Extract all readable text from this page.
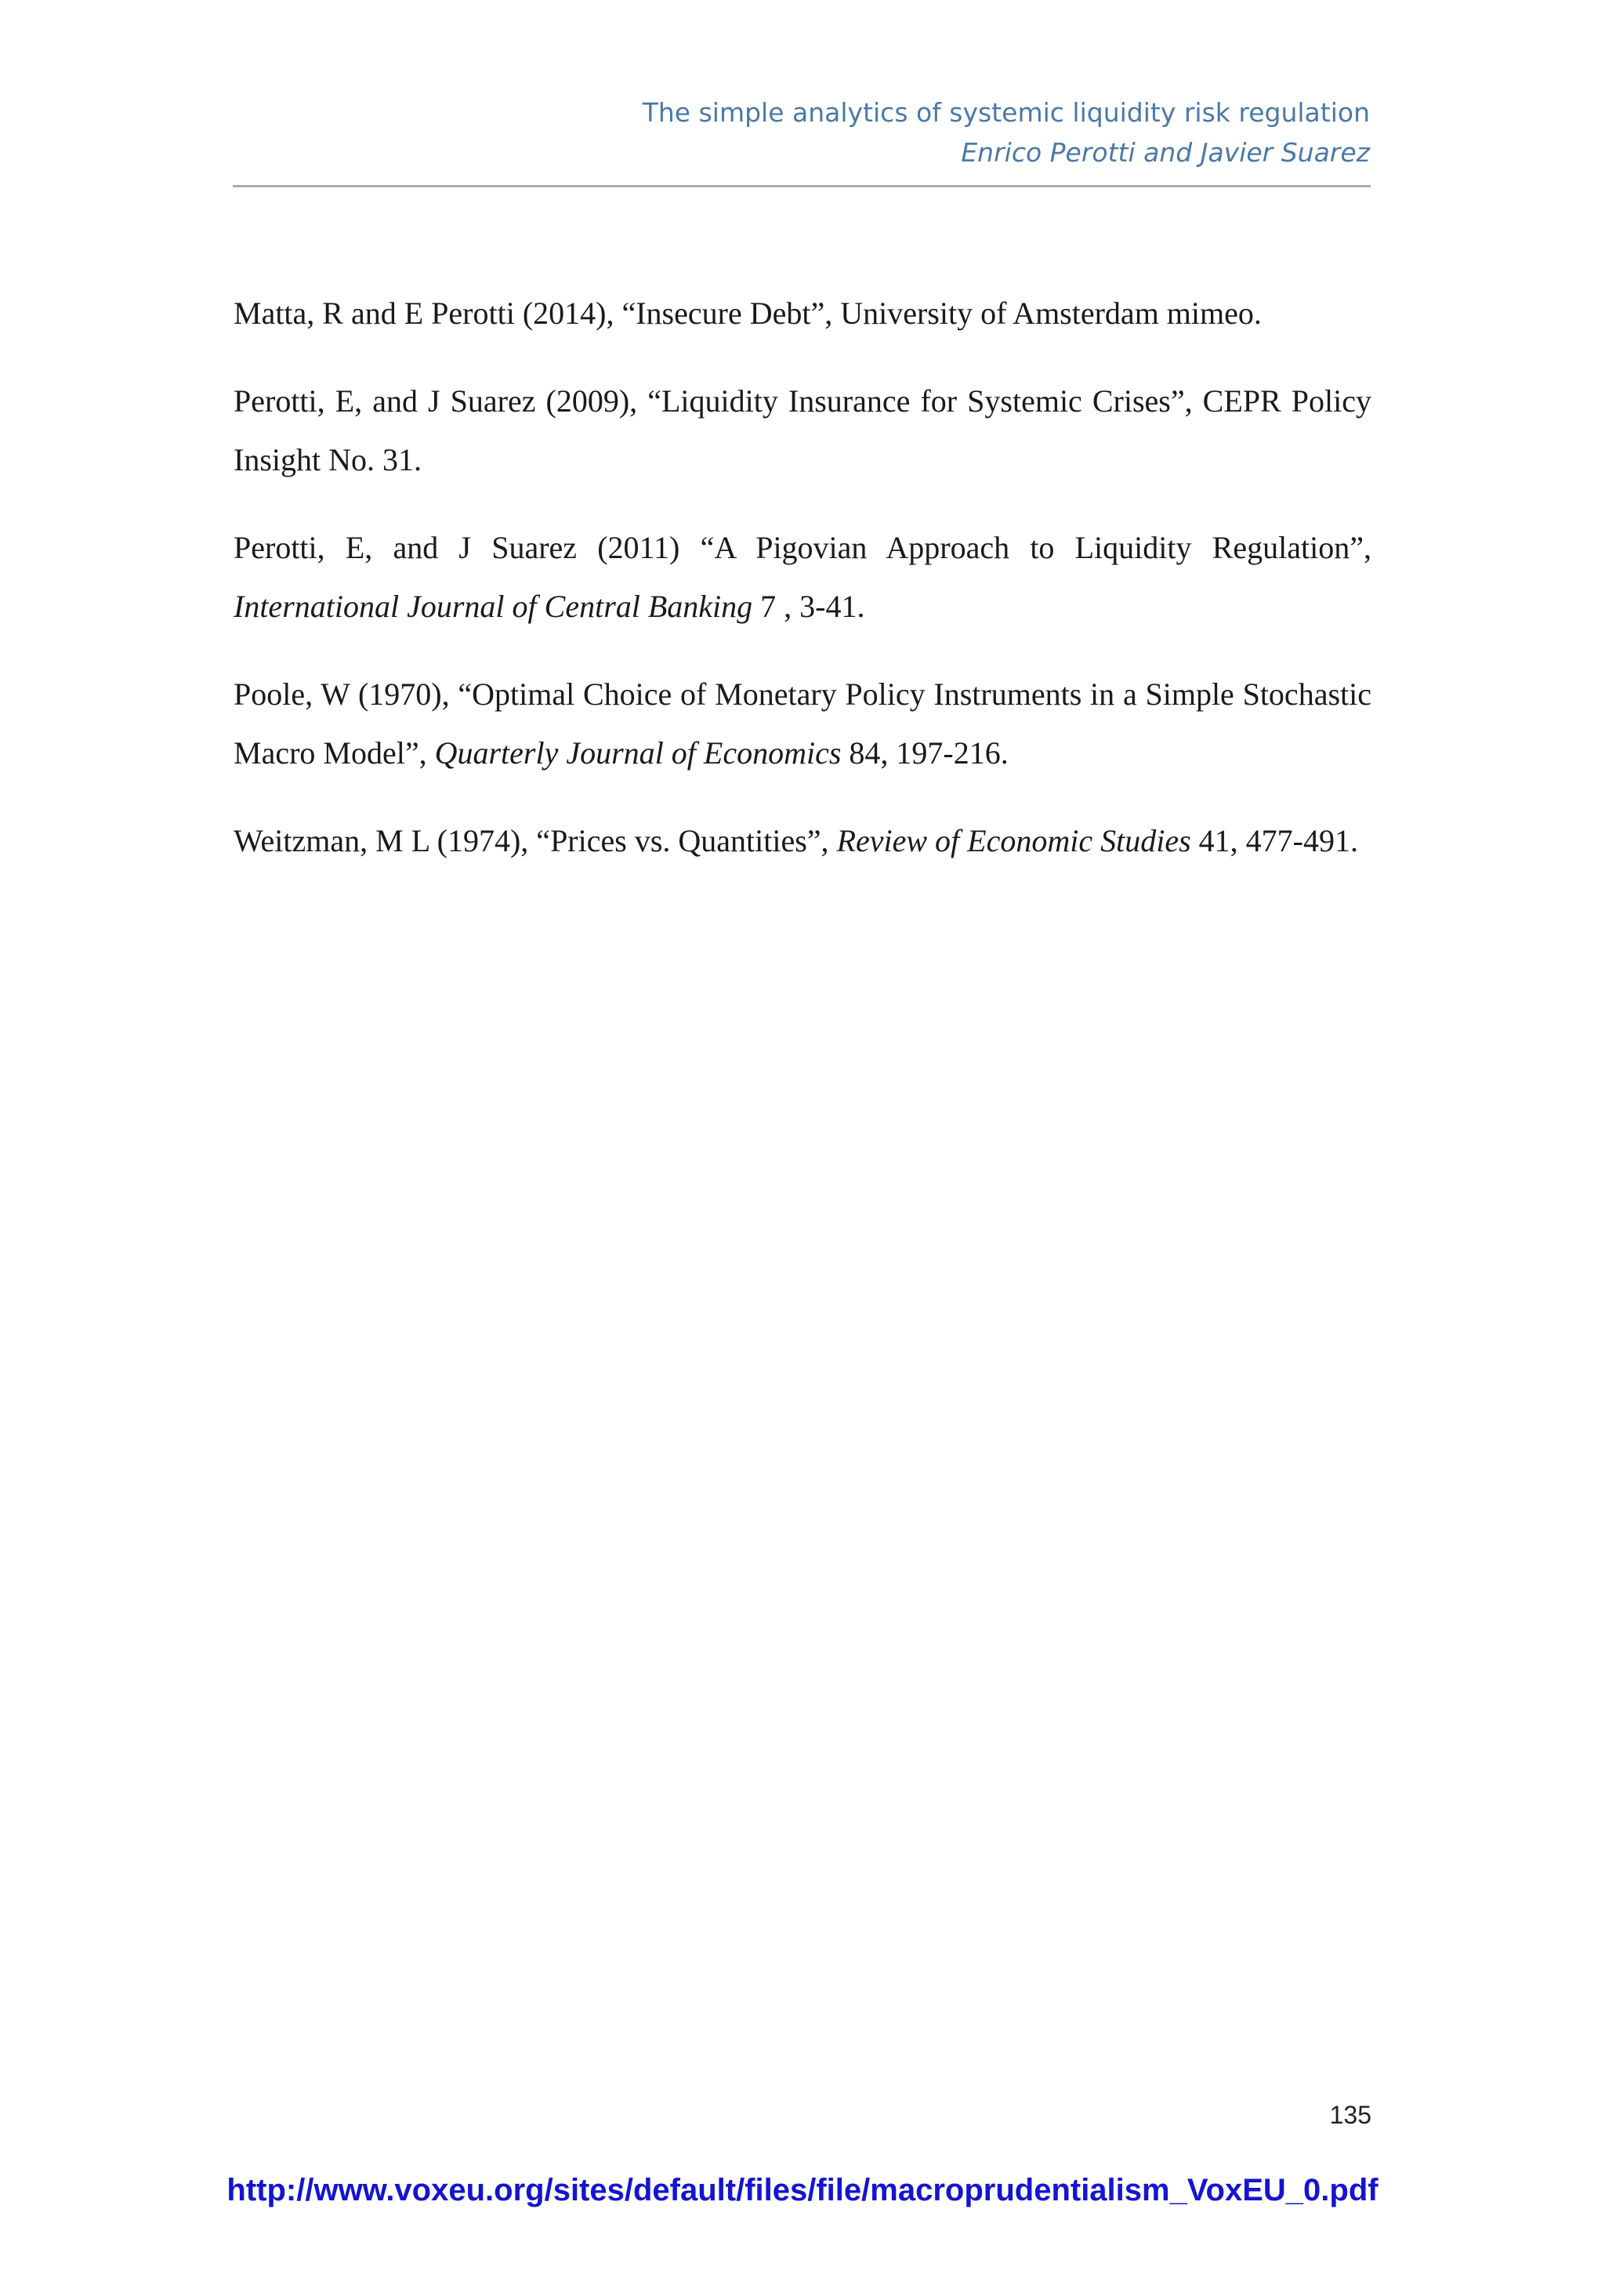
The simple analytics of systemic liquidity risk regulation
Enrico Perotti and Javier Suarez

Matta, R and E Perotti (2014), “Insecure Debt”, University of Amsterdam mimeo.

Perotti, E, and J Suarez (2009), “Liquidity Insurance for Systemic Crises”, CEPR Policy Insight No. 31.

Perotti, E, and J Suarez (2011) “A Pigovian Approach to Liquidity Regulation”, International Journal of Central Banking 7 , 3-41.

Poole, W (1970), “Optimal Choice of Monetary Policy Instruments in a Simple Stochastic Macro Model”, Quarterly Journal of Economics 84, 197-216.

Weitzman, M L (1974), “Prices vs. Quantities”, Review of Economic Studies 41, 477-491.

135
http://www.voxeu.org/sites/default/files/file/macroprudentialism_VoxEU_0.pdf
